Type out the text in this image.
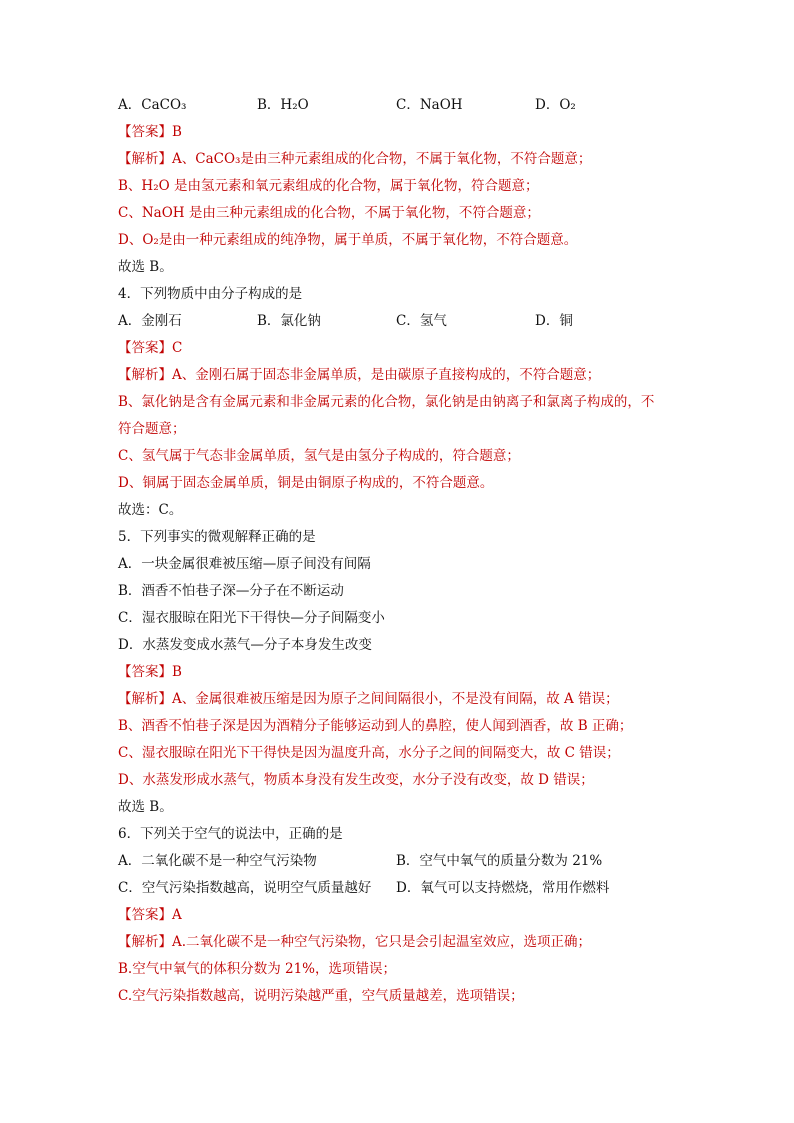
A．CaCO₃	B．H₂O	C．NaOH	D．O₂
【答案】B
【解析】A、CaCO₃是由三种元素组成的化合物，不属于氧化物，不符合题意；
B、H₂O 是由氢元素和氧元素组成的化合物，属于氧化物，符合题意；
C、NaOH 是由三种元素组成的化合物，不属于氧化物，不符合题意；
D、O₂是由一种元素组成的纯净物，属于单质，不属于氧化物，不符合题意。
故选 B。
4．下列物质中由分子构成的是
A．金刚石	B．氯化钠	C．氢气	D．铜
【答案】C
【解析】A、金刚石属于固态非金属单质，是由碳原子直接构成的，不符合题意；
B、氯化钠是含有金属元素和非金属元素的化合物，氯化钠是由钠离子和氯离子构成的，不
符合题意；
C、氢气属于气态非金属单质，氢气是由氢分子构成的，符合题意；
D、铜属于固态金属单质，铜是由铜原子构成的，不符合题意。
故选：C。
5．下列事实的微观解释正确的是
A．一块金属很难被压缩—原子间没有间隔
B．酒香不怕巷子深—分子在不断运动
C．湿衣服晾在阳光下干得快—分子间隔变小
D．水蒸发变成水蒸气—分子本身发生改变
【答案】B
【解析】A、金属很难被压缩是因为原子之间间隔很小，不是没有间隔，故 A 错误；
B、酒香不怕巷子深是因为酒精分子能够运动到人的鼻腔，使人闻到酒香，故 B 正确；
C、湿衣服晾在阳光下干得快是因为温度升高，水分子之间的间隔变大，故 C 错误；
D、水蒸发形成水蒸气，物质本身没有发生改变，水分子没有改变，故 D 错误；
故选 B。
6．下列关于空气的说法中，正确的是
A．二氧化碳不是一种空气污染物	B．空气中氧气的质量分数为 21%
C．空气污染指数越高，说明空气质量越好	D．氧气可以支持燃烧，常用作燃料
【答案】A
【解析】A.二氧化碳不是一种空气污染物，它只是会引起温室效应，选项正确；
B.空气中氧气的体积分数为 21%，选项错误；
C.空气污染指数越高，说明污染越严重，空气质量越差，选项错误；
